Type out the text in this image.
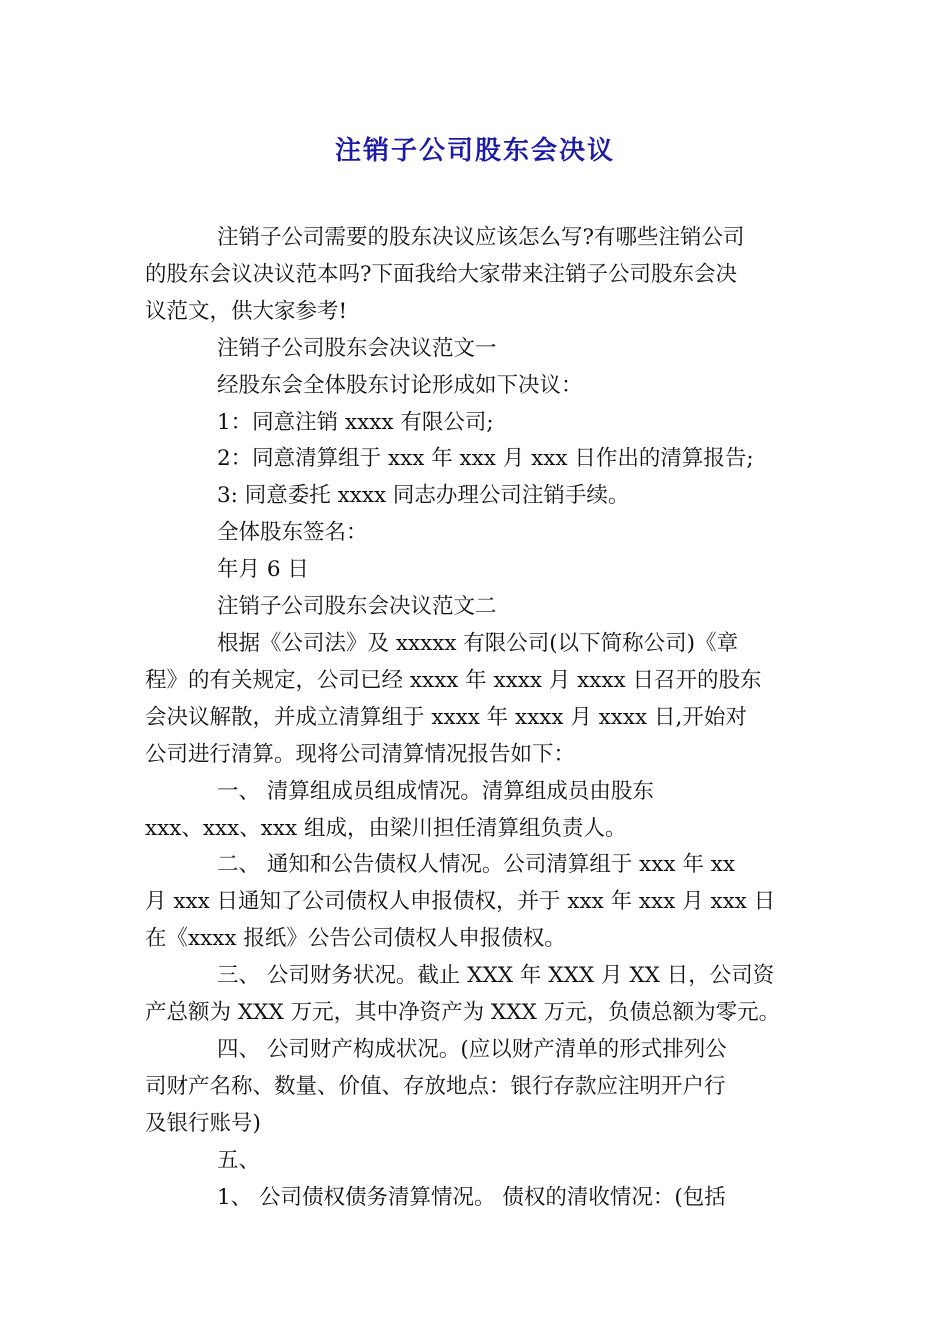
注销子公司股东会决议

注销子公司需要的股东决议应该怎么写?有哪些注销公司

的股东会议决议范本吗?下面我给大家带来注销子公司股东会决

议范文，供大家参考!

注销子公司股东会决议范文一

经股东会全体股东讨论形成如下决议：

1：同意注销 xxxx 有限公司;

2：同意清算组于 xxx 年 xxx 月 xxx 日作出的清算报告;

3: 同意委托 xxxx 同志办理公司注销手续。

全体股东签名：

年月 6 日

注销子公司股东会决议范文二

根据《公司法》及 xxxxx 有限公司(以下简称公司)《章

程》的有关规定，公司已经 xxxx 年 xxxx 月 xxxx 日召开的股东

会决议解散，并成立清算组于 xxxx 年 xxxx 月 xxxx 日,开始对

公司进行清算。现将公司清算情况报告如下：

一、 清算组成员组成情况。清算组成员由股东

xxx、xxx、xxx 组成，由梁川担任清算组负责人。

二、 通知和公告债权人情况。公司清算组于 xxx 年 xx

月 xxx 日通知了公司债权人申报债权，并于 xxx 年 xxx 月 xxx 日

在《xxxx 报纸》公告公司债权人申报债权。

三、 公司财务状况。截止 XXX 年 XXX 月 XX 日，公司资

产总额为 XXX 万元，其中净资产为 XXX 万元，负债总额为零元。

四、 公司财产构成状况。(应以财产清单的形式排列公

司财产名称、数量、价值、存放地点：银行存款应注明开户行

及银行账号)

五、

1、 公司债权债务清算情况。 债权的清收情况：(包括
